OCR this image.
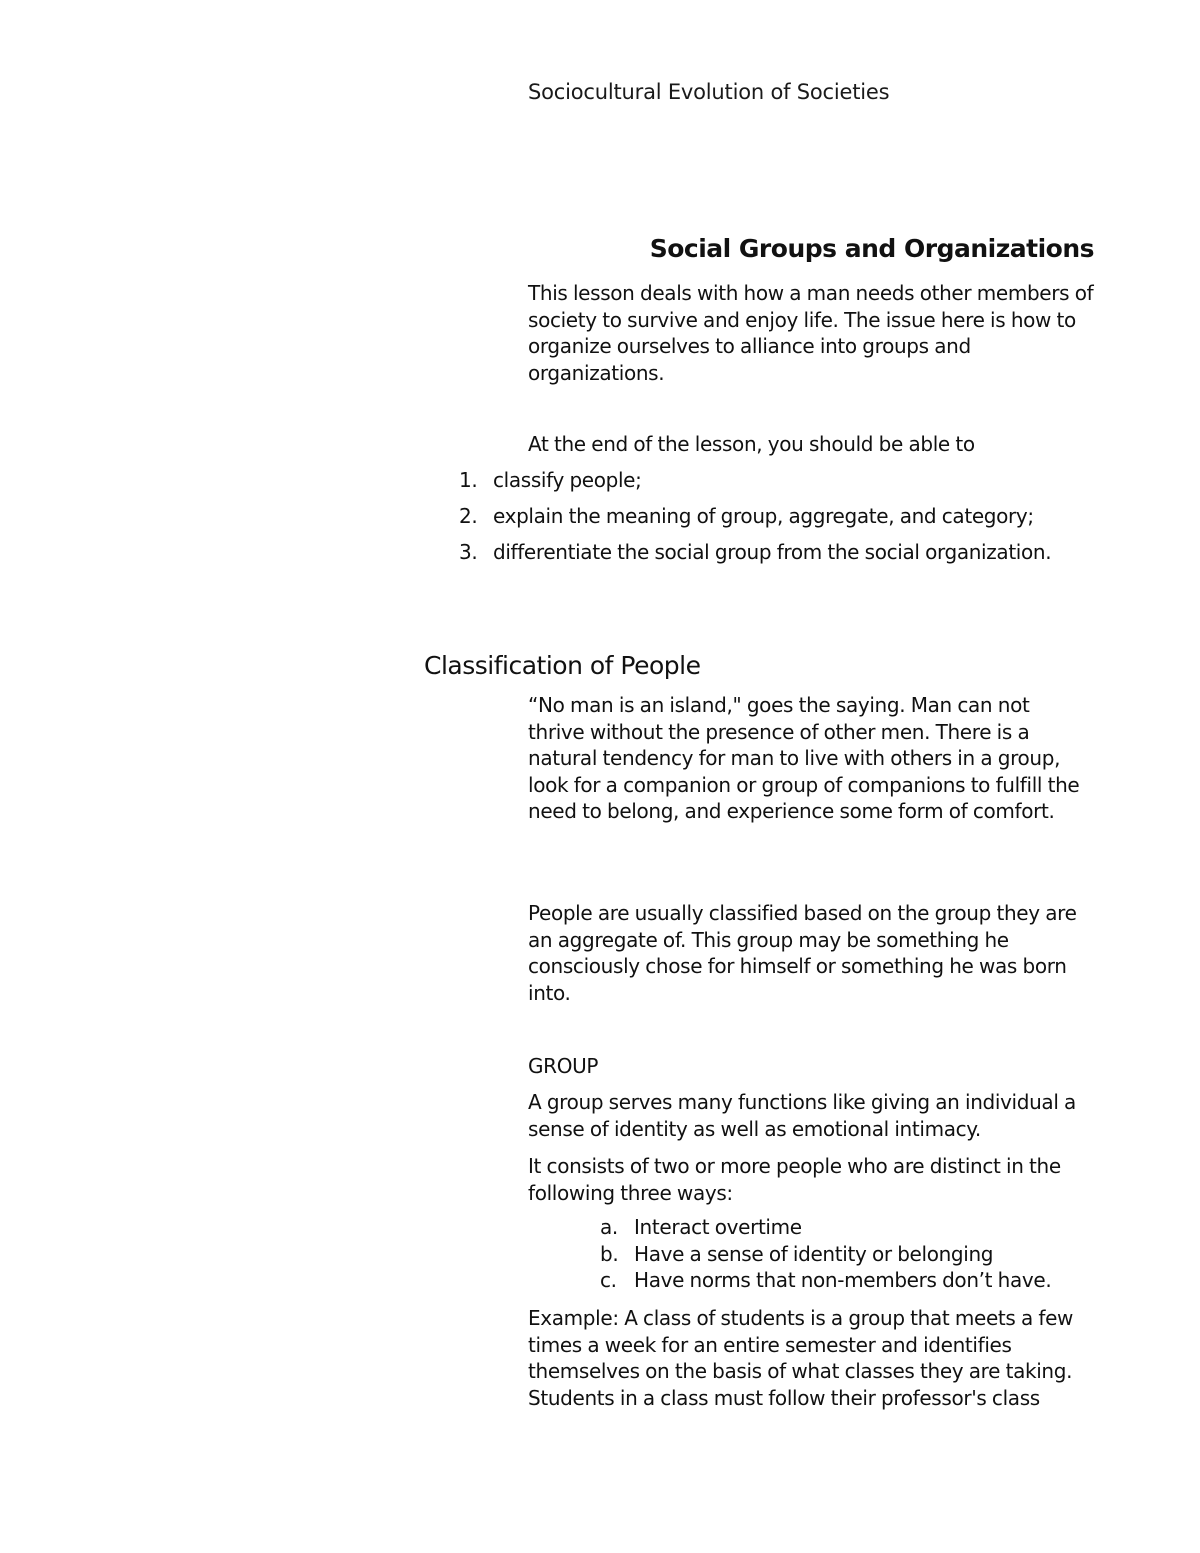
Sociocultural Evolution of Societies
Social Groups and Organizations

This lesson deals with how a man needs other members of society to survive and enjoy life. The issue here is how to organize ourselves to alliance into groups and organizations.

At the end of the lesson, you should be able to

1. classify people;
2. explain the meaning of group, aggregate, and category;
3. differentiate the social group from the social organization.
Classification of People

“No man is an island," goes the saying. Man can not thrive without the presence of other men. There is a natural tendency for man to live with others in a group, look for a companion or group of companions to fulfill the need to belong, and experience some form of comfort.

People are usually classified based on the group they are an aggregate of. This group may be something he consciously chose for himself or something he was born into.

GROUP

A group serves many functions like giving an individual a sense of identity as well as emotional intimacy.

It consists of two or more people who are distinct in the following three ways:

a. Interact overtime
b. Have a sense of identity or belonging
c. Have norms that non-members don’t have.

Example: A class of students is a group that meets a few times a week for an entire semester and identifies themselves on the basis of what classes they are taking. Students in a class must follow their professor's class
